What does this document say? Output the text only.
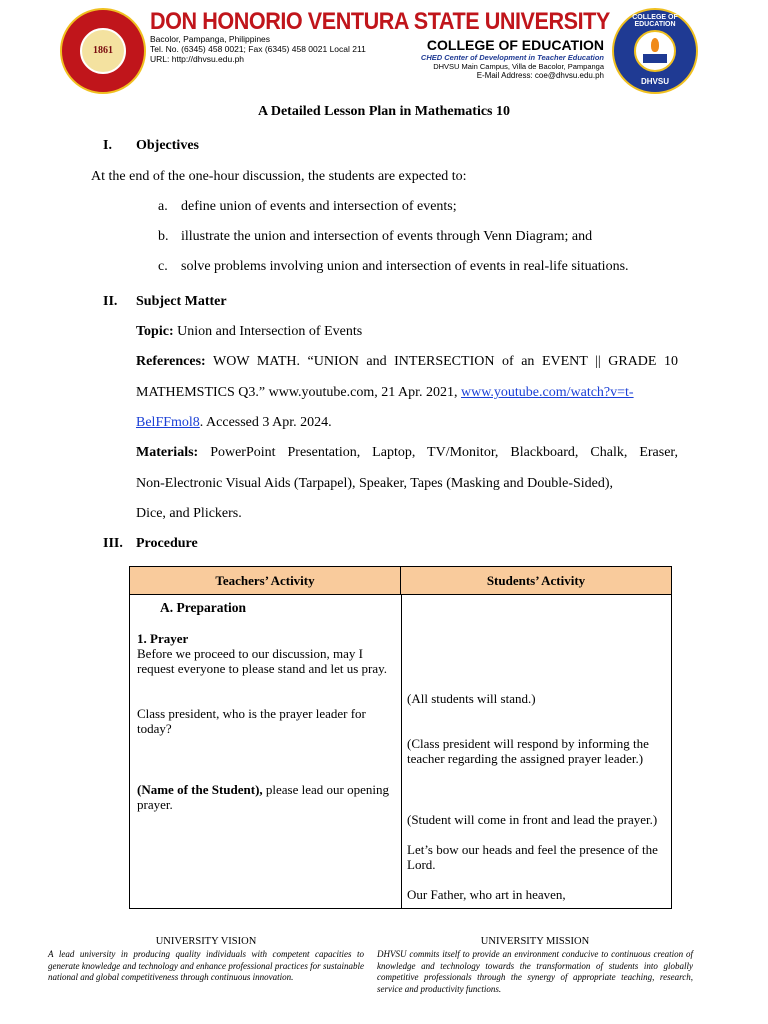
1861
DON HONORIO VENTURA STATE UNIVERSITY
Bacolor, Pampanga, Philippines
Tel. No. (6345) 458 0021; Fax (6345) 458 0021 Local 211
URL: http://dhvsu.edu.ph
COLLEGE OF EDUCATION
CHED Center of Development in Teacher Education
DHVSU Main Campus, Villa de Bacolor, Pampanga
E-Mail Address: coe@dhvsu.edu.ph
COLLEGE OF EDUCATION
DHVSU
A Detailed Lesson Plan in Mathematics 10
I. Objectives
At the end of the one-hour discussion, the students are expected to:
a. define union of events and intersection of events;
b. illustrate the union and intersection of events through Venn Diagram; and
c. solve problems involving union and intersection of events in real-life situations.
II. Subject Matter
Topic: Union and Intersection of Events
References: WOW MATH. “UNION and INTERSECTION of an EVENT || GRADE 10
MATHEMSTICS Q3.” www.youtube.com, 21 Apr. 2021, www.youtube.com/watch?v=t-
BelFFmol8. Accessed 3 Apr. 2024.
Materials: PowerPoint Presentation, Laptop, TV/Monitor, Blackboard, Chalk, Eraser,
Non-Electronic Visual Aids (Tarpapel), Speaker, Tapes (Masking and Double-Sided),
Dice, and Plickers.
III. Procedure
Teachers’ Activity	Students’ Activity
A. Preparation
1. Prayer
Before we proceed to our discussion, may I request everyone to please stand and let us pray.
Class president, who is the prayer leader for today?
(Name of the Student), please lead our opening prayer.
(All students will stand.)
(Class president will respond by informing the teacher regarding the assigned prayer leader.)
(Student will come in front and lead the prayer.)
Let’s bow our heads and feel the presence of the Lord.
Our Father, who art in heaven,
UNIVERSITY VISION
A lead university in producing quality individuals with competent capacities to generate knowledge and technology and enhance professional practices for sustainable national and global competitiveness through continuous innovation.
UNIVERSITY MISSION
DHVSU commits itself to provide an environment conducive to continuous creation of knowledge and technology towards the transformation of students into globally competitive professionals through the synergy of appropriate teaching, research, service and productivity functions.
